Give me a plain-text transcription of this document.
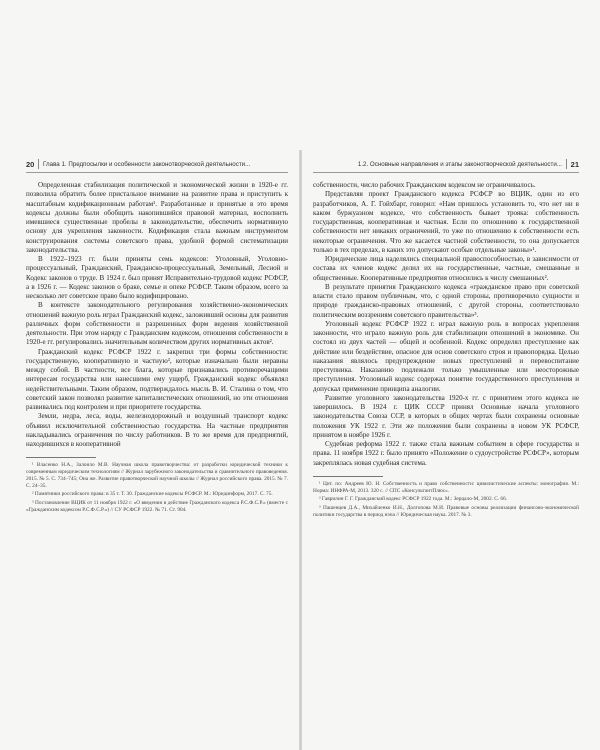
20 Глава 1. Предпосылки и особенности законотворческой деятельности...

Определенная стабилизация политической и экономической жизни в 1920-е гг. позволила обратить более пристальное внимание на развитие права и приступить к масштабным кодификационным работам¹. Разработанные и принятые в это время кодексы должны были обобщить накопившийся правовой материал, восполнить имевшиеся существенные пробелы в законодательстве, обеспечить нормативную основу для укрепления законности. Кодификация стала важным инструментом конструирования системы советского права, удобной формой систематизации законодательства.

В 1922–1923 гг. были приняты семь кодексов: Уголовный, Уголовно-процессуальный, Гражданский, Гражданско-процессуальный, Земельный, Лесной и Кодекс законов о труде. В 1924 г. был принят Исправительно-трудовой кодекс РСФСР, а в 1926 г. — Кодекс законов о браке, семье и опеке РСФСР. Таким образом, всего за несколько лет советское право было кодифицировано.

В контексте законодательного регулирования хозяйственно-экономических отношений важную роль играл Гражданский кодекс, заложивший основы для развития различных форм собственности и разрешенных форм ведения хозяйственной деятельности. При этом наряду с Гражданским кодексом, отношения собственности в 1920-е гг. регулировались значительным количеством других нормативных актов².

Гражданский кодекс РСФСР 1922 г. закрепил три формы собственности: государственную, кооперативную и частную³, которые изначально были неравны между собой. В частности, все блага, которые признавались противоречащими интересам государства или нанесшими ему ущерб, Гражданский кодекс объявлял недействительными. Таким образом, подтверждалось мысль В. И. Сталина о том, что советский закон позволял развитие капиталистических отношений, но эти отношения развивались под контролем и при приоритете государства.

Земли, недра, леса, воды, железнодорожный и воздушный транспорт кодекс объявил исключительной собственностью государства. На частные предприятия накладывались ограничения по числу работников. В то же время для предприятий, находившихся в кооперативной

¹ Власенко Н.А., Залоило М.В. Научная школа правотворчества: от разработки юридической техники к современным юридическим технологиям // Журнал зарубежного законодательства и сравнительного правоведения. 2015. № 5. С. 734–745; Она же. Развитие правотворческой научной школы // Журнал российского права. 2015. № 7. С. 24–35.

² Памятники российского права: в 35 т. Т. 30. Гражданские кодексы РСФСР. М.: Юридинформ, 2017. С. 75.

³ Постановление ВЦИК от 11 ноября 1922 г. «О введении в действие Гражданского кодекса Р.С.Ф.С.Р.» (вместе с «Гражданским кодексом Р.С.Ф.С.Р.») // СУ РСФСР 1922. № 71. Ст. 904.

1.2. Основные направления и этапы законотворческой деятельности... 21

собственности, число рабочих Гражданским кодексом не ограничивалось.

Представляя проект Гражданского кодекса РСФСР во ВЦИК, один из его разработчиков, А. Г. Гойхбарг, говорил: «Нам пришлось установить то, что нет ни в каком буржуазном кодексе, что собственность бывает трояка: собственность государственная, кооперативная и частная. Если по отношению к государственной собственности нет никаких ограничений, то уже по отношению к собственности есть некоторые ограничения. Что же касается частной собственности, то она допускается только в тех пределах, в каких это допускают особые отдельные законы»¹.

Юридические лица наделялись специальной правоспособностью, в зависимости от состава их членов кодекс делил их на государственные, частные, смешанные и общественные. Кооперативные предприятия относились к числу смешанных².

В результате принятия Гражданского кодекса «гражданское право при советской власти стало правом публичным, что, с одной стороны, противоречило сущности и природе гражданско-правовых отношений, с другой стороны, соответствовало политическим воззрениям советского правительства»³.

Уголовный кодекс РСФСР 1922 г. играл важную роль в вопросах укрепления законности, что играло важную роль для стабилизации отношений в экономике. Он состоял из двух частей — общей и особенной. Кодекс определял преступление как действие или бездействие, опасное для основ советского строя и правопорядка. Целью наказания являлось предупреждение новых преступлений и перевоспитание преступника. Наказанию подлежали только умышленные или неосторожные преступления. Уголовный кодекс содержал понятие государственного преступления и допускал применение принципа аналогии.

Развитие уголовного законодательства 1920-х гг. с принятием этого кодекса не завершилось. В 1924 г. ЦИК СССР принял Основные начала уголовного законодательства Союза ССР, в которых в общих чертах были сохранены основные положения УК 1922 г. Эти же положения были сохранены в новом УК РСФСР, принятом в ноябре 1926 г.

Судебная реформа 1922 г. также стала важным событием в сфере государства и права. 11 ноября 1922 г. было принято «Положение о судоустройстве РСФСР», которым закреплялась новая судебная система.

¹ Цит. по: Андреев Ю. Н. Собственность и право собственности: цивилистические аспекты: монография. М.: Норма: ИНФРА-М, 2013. 320 с. // СПС «КонсультантПлюс».

² Гаврилин Г. Г. Гражданский кодекс РСФСР 1922 года. М.: Зерцало-М, 2002. С. 66.

³ Пашенцев Д.А., Михайленко И.Н., Долгопова М.И. Правовые основы реализации финансово-экономической политики государства в период нэпа // Юридическая наука. 2017. № 3.
